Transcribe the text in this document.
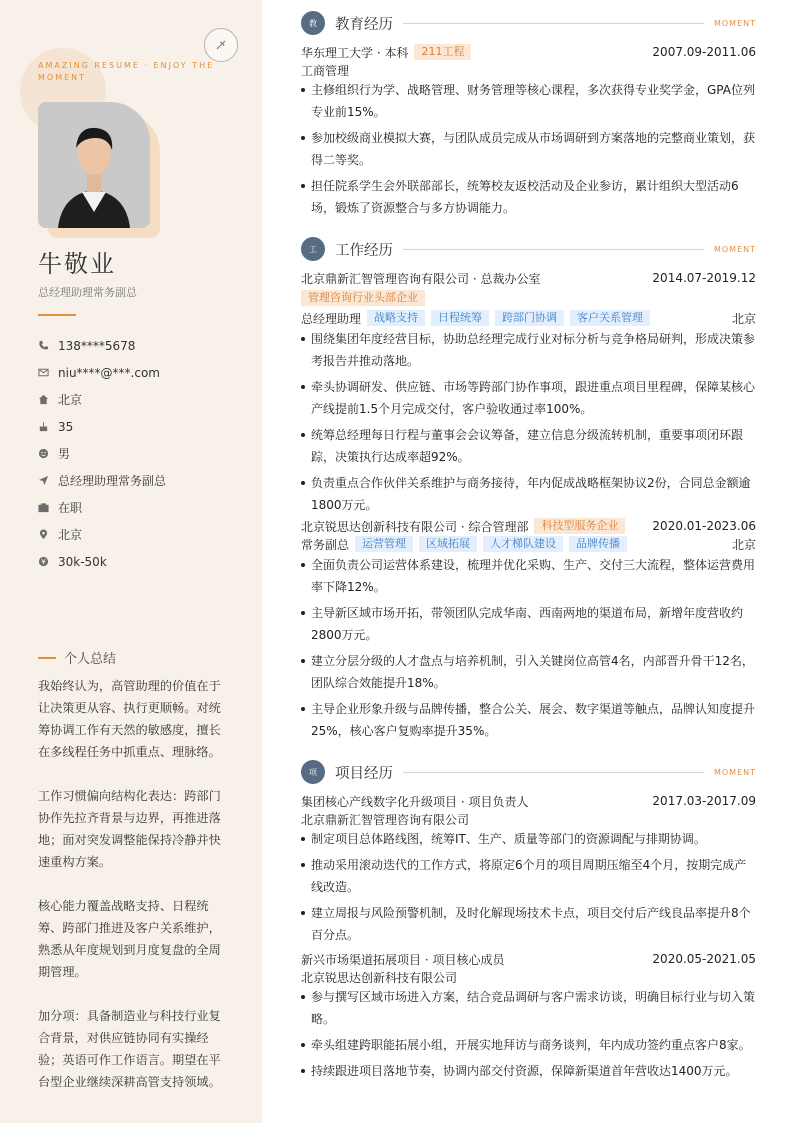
AMAZING RESUME · ENJOY THE MOMENT
牛敬业
总经理助理常务副总
138****5678
niu****@***.com
北京
35
男
总经理助理常务副总
在职
北京
30k-50k
个人总结

我始终认为，高管助理的价值在于让决策更从容、执行更顺畅。对统筹协调工作有天然的敏感度，擅长在多线程任务中抓重点、理脉络。

工作习惯偏向结构化表达：跨部门协作先拉齐背景与边界，再推进落地；面对突发调整能保持冷静并快速重构方案。

核心能力覆盖战略支持、日程统筹、跨部门推进及客户关系维护，熟悉从年度规划到月度复盘的全周期管理。

加分项：具备制造业与科技行业复合背景，对供应链协同有实操经验；英语可作工作语言。期望在平台型企业继续深耕高管支持领域。

教	教育经历	MOMENT
华东理工大学 · 本科	211工程	2007.09-2011.06
工商管理
主修组织行为学、战略管理、财务管理等核心课程，多次获得专业奖学金，GPA位列专业前15%。
参加校级商业模拟大赛，与团队成员完成从市场调研到方案落地的完整商业策划，获得二等奖。
担任院系学生会外联部部长，统筹校友返校活动及企业参访，累计组织大型活动6场，锻炼了资源整合与多方协调能力。
工	工作经历	MOMENT
北京鼎新汇智管理咨询有限公司 · 总裁办公室	2014.07-2019.12
管理咨询行业头部企业
总经理助理	战略支持	日程统筹	跨部门协调	客户关系管理	北京
围绕集团年度经营目标，协助总经理完成行业对标分析与竞争格局研判，形成决策参考报告并推动落地。
牵头协调研发、供应链、市场等跨部门协作事项，跟进重点项目里程碑，保障某核心产线提前1.5个月完成交付，客户验收通过率100%。
统筹总经理每日行程与董事会会议筹备，建立信息分级流转机制，重要事项闭环跟踪，决策执行达成率超92%。
负责重点合作伙伴关系维护与商务接待，年内促成战略框架协议2份，合同总金额逾1800万元。
北京锐思达创新科技有限公司 · 综合管理部	科技型服务企业	2020.01-2023.06
常务副总	运营管理	区域拓展	人才梯队建设	品牌传播	北京
全面负责公司运营体系建设，梳理并优化采购、生产、交付三大流程，整体运营费用率下降12%。
主导新区域市场开拓，带领团队完成华南、西南两地的渠道布局，新增年度营收约2800万元。
建立分层分级的人才盘点与培养机制，引入关键岗位高管4名，内部晋升骨干12名，团队综合效能提升18%。
主导企业形象升级与品牌传播，整合公关、展会、数字渠道等触点，品牌认知度提升25%，核心客户复购率提升35%。
项	项目经历	MOMENT
集团核心产线数字化升级项目 · 项目负责人	2017.03-2017.09
北京鼎新汇智管理咨询有限公司
制定项目总体路线图，统筹IT、生产、质量等部门的资源调配与排期协调。
推动采用滚动迭代的工作方式，将原定6个月的项目周期压缩至4个月，按期完成产线改造。
建立周报与风险预警机制，及时化解现场技术卡点，项目交付后产线良品率提升8个百分点。
新兴市场渠道拓展项目 · 项目核心成员	2020.05-2021.05
北京锐思达创新科技有限公司
参与撰写区域市场进入方案，结合竞品调研与客户需求访谈，明确目标行业与切入策略。
牵头组建跨职能拓展小组，开展实地拜访与商务谈判，年内成功签约重点客户8家。
持续跟进项目落地节奏，协调内部交付资源，保障新渠道首年营收达1400万元。
